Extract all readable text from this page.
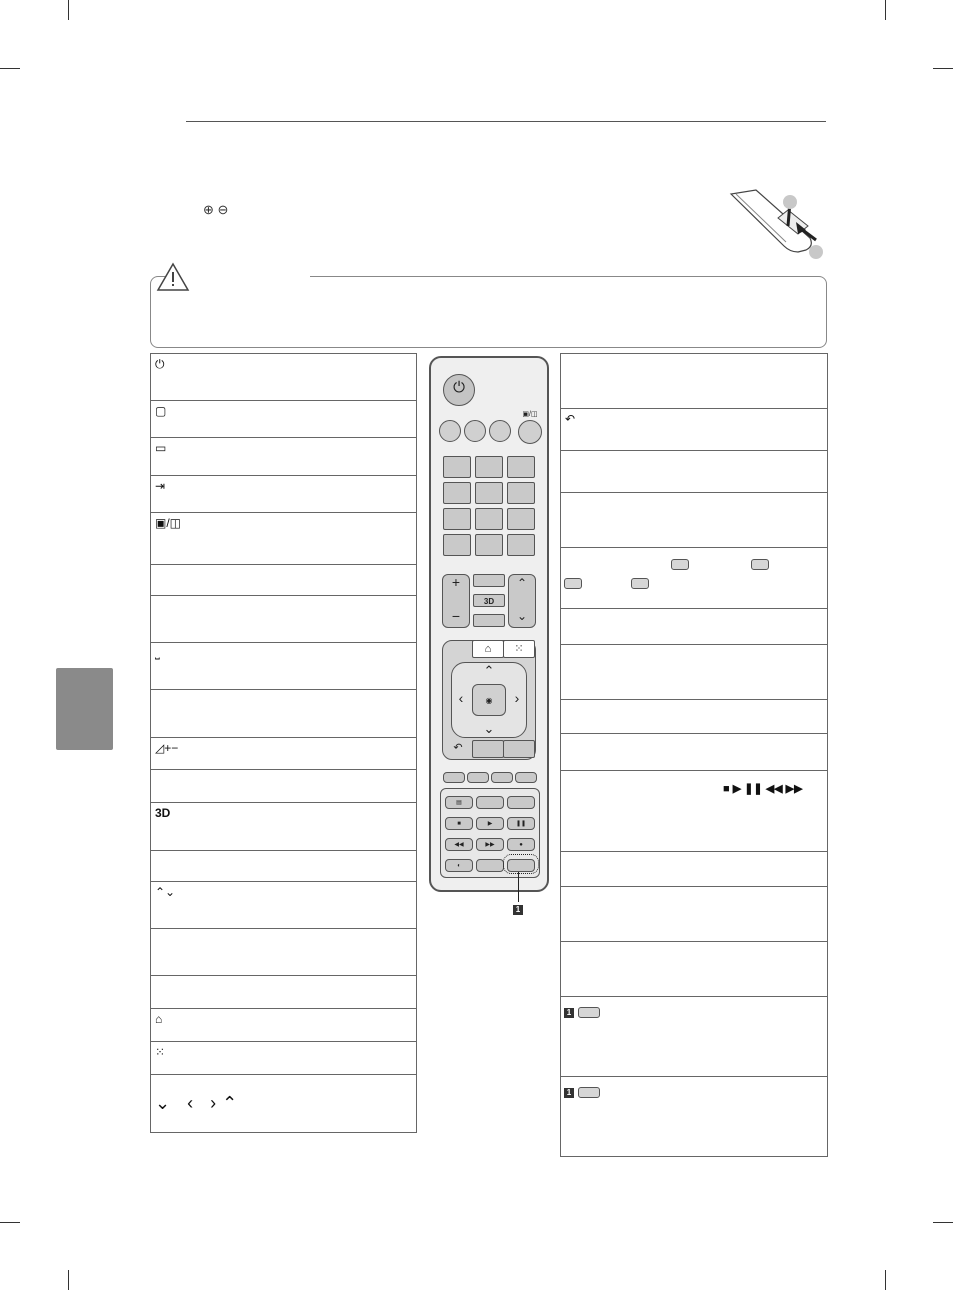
⊕ ⊖
⏻
▢
▭
⇥
▣/◫
⎵
◿+−
3D
⌃⌄
⌂
⁙
⌄ ‹ ›⌃
↶
■ ▶ ❚❚ ◀◀ ▶▶
1
1
⏻
▣/◫
+
−
3D
⌃
⌄
⌂	⁙
⌃
⌄
‹	›
◉
↶
▤
■	▶	❚❚
◀◀	▶▶	●
◐
1
